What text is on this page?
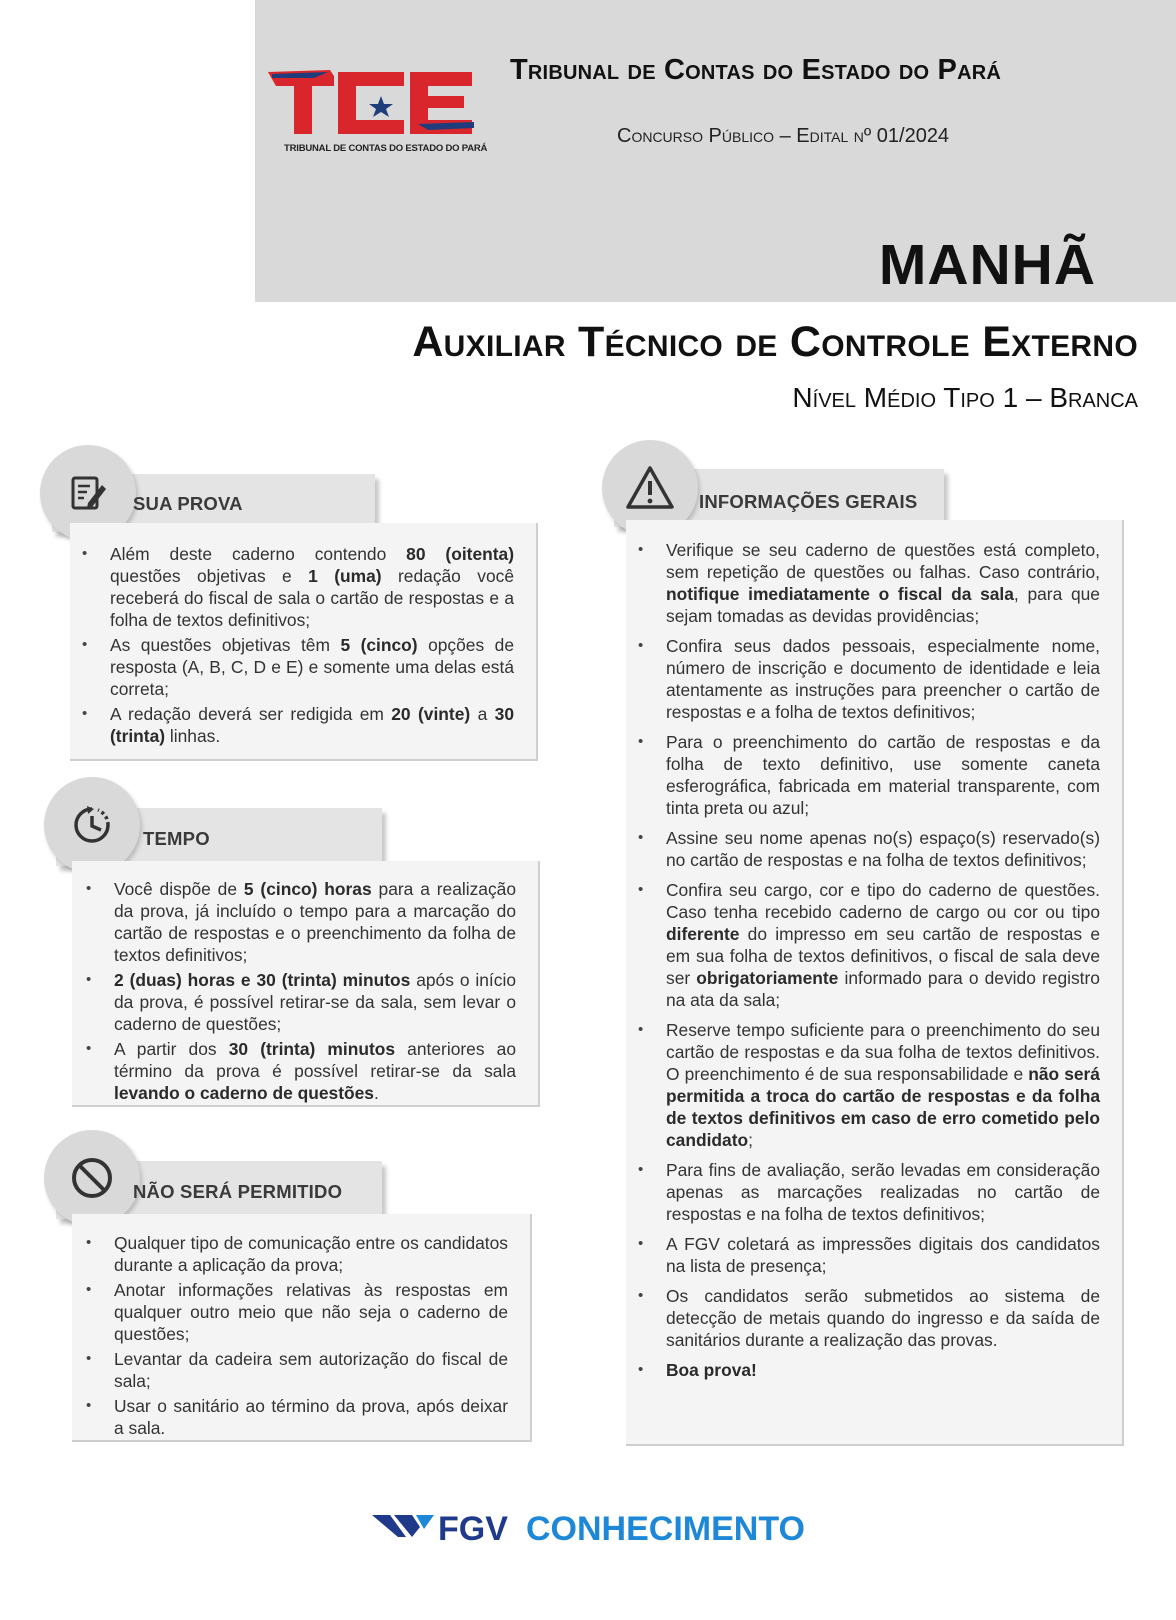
TRIBUNAL DE CONTAS DO ESTADO DO PARÁ
Tribunal de Contas do Estado do Pará
Concurso Público – Edital nº 01/2024
MANHÃ
Auxiliar Técnico de Controle Externo
Nível Médio Tipo 1 – Branca
SUA PROVA
• Além deste caderno contendo 80 (oitenta) questões objetivas e 1 (uma) redação você receberá do fiscal de sala o cartão de respostas e a folha de textos definitivos;
• As questões objetivas têm 5 (cinco) opções de resposta (A, B, C, D e E) e somente uma delas está correta;
• A redação deverá ser redigida em 20 (vinte) a 30 (trinta) linhas.
TEMPO
• Você dispõe de 5 (cinco) horas para a realização da prova, já incluído o tempo para a marcação do cartão de respostas e o preenchimento da folha de textos definitivos;
• 2 (duas) horas e 30 (trinta) minutos após o início da prova, é possível retirar-se da sala, sem levar o caderno de questões;
• A partir dos 30 (trinta) minutos anteriores ao término da prova é possível retirar-se da sala levando o caderno de questões.
NÃO SERÁ PERMITIDO
• Qualquer tipo de comunicação entre os candidatos durante a aplicação da prova;
• Anotar informações relativas às respostas em qualquer outro meio que não seja o caderno de questões;
• Levantar da cadeira sem autorização do fiscal de sala;
• Usar o sanitário ao término da prova, após deixar a sala.
INFORMAÇÕES GERAIS
• Verifique se seu caderno de questões está completo, sem repetição de questões ou falhas. Caso contrário, notifique imediatamente o fiscal da sala, para que sejam tomadas as devidas providências;
• Confira seus dados pessoais, especialmente nome, número de inscrição e documento de identidade e leia atentamente as instruções para preencher o cartão de respostas e a folha de textos definitivos;
• Para o preenchimento do cartão de respostas e da folha de texto definitivo, use somente caneta esferográfica, fabricada em material transparente, com tinta preta ou azul;
• Assine seu nome apenas no(s) espaço(s) reservado(s) no cartão de respostas e na folha de textos definitivos;
• Confira seu cargo, cor e tipo do caderno de questões. Caso tenha recebido caderno de cargo ou cor ou tipo diferente do impresso em seu cartão de respostas e em sua folha de textos definitivos, o fiscal de sala deve ser obrigatoriamente informado para o devido registro na ata da sala;
• Reserve tempo suficiente para o preenchimento do seu cartão de respostas e da sua folha de textos definitivos. O preenchimento é de sua responsabilidade e não será permitida a troca do cartão de respostas e da folha de textos definitivos em caso de erro cometido pelo candidato;
• Para fins de avaliação, serão levadas em consideração apenas as marcações realizadas no cartão de respostas e na folha de textos definitivos;
• A FGV coletará as impressões digitais dos candidatos na lista de presença;
• Os candidatos serão submetidos ao sistema de detecção de metais quando do ingresso e da saída de sanitários durante a realização das provas.
• Boa prova!
FGV CONHECIMENTO
